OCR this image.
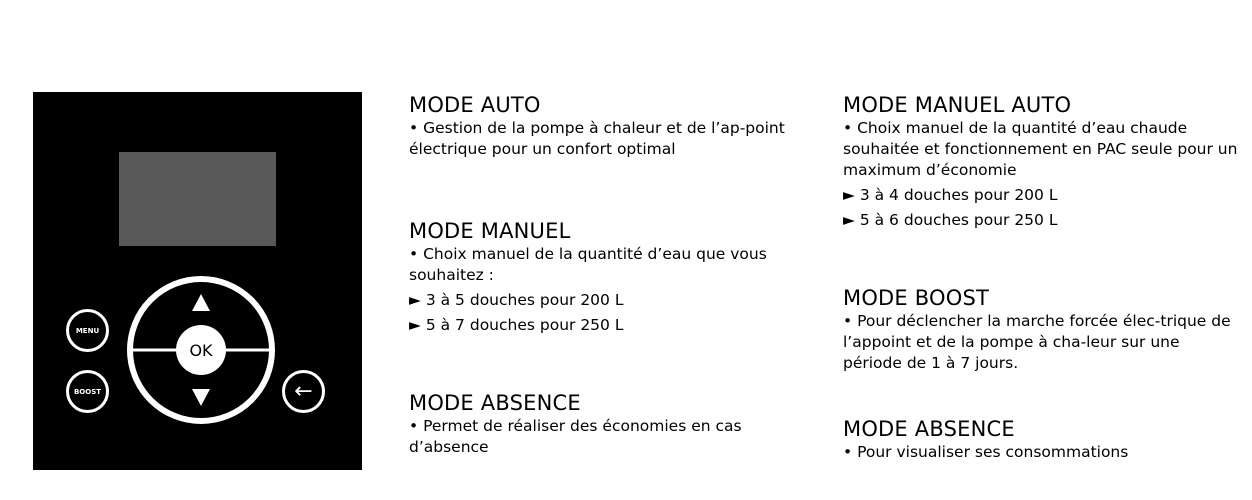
MENU
BOOST	←
OK
MODE AUTO

• Gestion de la pompe à chaleur et de l’ap-point électrique pour un confort optimal

MODE MANUEL

• Choix manuel de la quantité d’eau que vous souhaitez :

► 3 à 5 douches pour 200 L
► 5 à 7 douches pour 250 L
MODE ABSENCE

• Permet de réaliser des économies en cas d’absence

MODE MANUEL AUTO

• Choix manuel de la quantité d’eau chaude souhaitée et fonctionnement en PAC seule pour un maximum d’économie

► 3 à 4 douches pour 200 L
► 5 à 6 douches pour 250 L
MODE BOOST

• Pour déclencher la marche forcée élec-trique de l’appoint et de la pompe à cha-leur sur une période de 1 à 7 jours.

MODE ABSENCE

• Pour visualiser ses consommations
